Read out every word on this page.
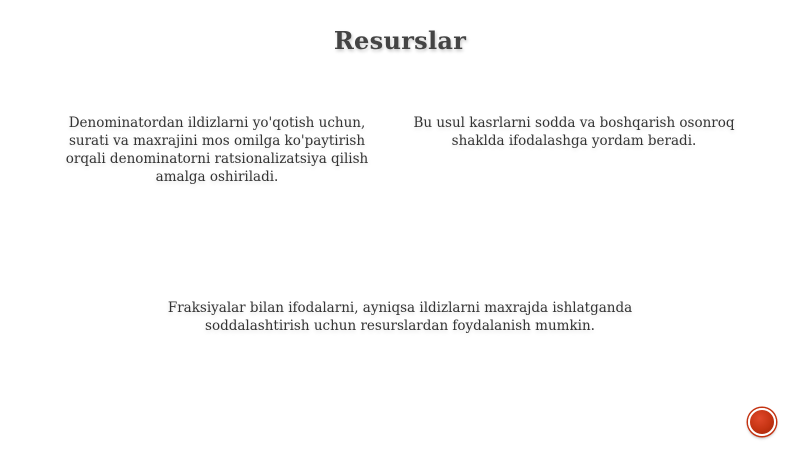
Resurslar
Denominatordan ildizlarni yo'qotish uchun, surati va maxrajini mos omilga ko'paytirish orqali denominatorni ratsionalizatsiya qilish amalga oshiriladi.
Bu usul kasrlarni sodda va boshqarish osonroq shaklda ifodalashga yordam beradi.
Fraksiyalar bilan ifodalarni, ayniqsa ildizlarni maxrajda ishlatganda soddalashtirish uchun resurslardan foydalanish mumkin.
